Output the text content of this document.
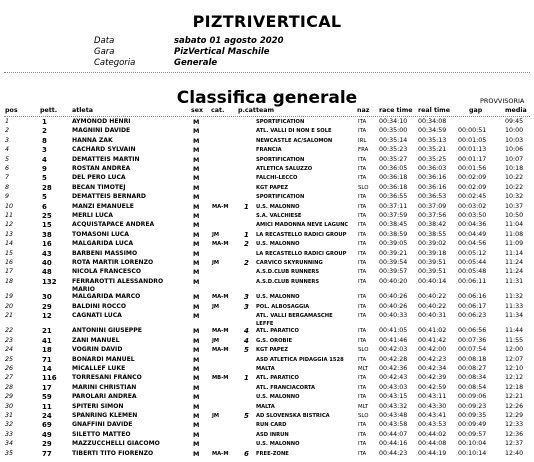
PIZTRIVERTICAL
Data	sabato 01 agosto 2020
Gara	PizVertical Maschile
Categoria	Generale
Classifica generale	PROVVISORIA
pos	pett. atleta	sex cat. p.cat team	naz race time real time	gap	media
1	1	AYMONOD HENRI	M	SPORTIFICATION	ITA 00:34:10 00:34:08	09:45
2	2	MAGNINI DAVIDE	M	ATL. VALLI DI NON E SOLE	ITA 00:35:00 00:34:59 00:00:51	10:00
3	8	HANNA ZAK	M	NEWCASTLE AC/SALOMON	IRL 00:35:14 00:35:13 00:01:05	10:03
4	3	CACHARD SYLVAIN	M	FRANCIA	FRA 00:35:23 00:35:21 00:01:13	10:06
5	4	DEMATTEIS MARTIN	M	SPORTIFICATION	ITA 00:35:27 00:35:25 00:01:17	10:07
6	9	ROSTAN ANDREA	M	ATLETICA SALUZZO	ITA 00:36:05 00:36:03 00:01:56	10:18
7	5	DEL PERO LUCA	M	FALCHI-LECCO	ITA 00:36:18 00:36:16 00:02:09	10:22
8	28	BECAN TIMOTEJ	M	KGT PAPEZ	SLO 00:36:18 00:36:16 00:02:09	10:22
9	5	DEMATTEIS BERNARD	M	SPORTIFICATION	ITA 00:36:55 00:36:53 00:02:45	10:32
10	6	MANZI EMANUELE	M MA-M 1 U.S. MALONNO	ITA 00:37:11 00:37:09 00:03:02	10:37
11	25	MERLI LUCA	M	S.A. VALCHIESE	ITA 00:37:59 00:37:56 00:03:50	10:50
12	15	ACQUISTAPACE ANDREA	M	AMICI MADONNA NEVE LAGUNC ITA 00:38:45 00:38:42 00:04:36	11:04
13	38	TOMASONI LUCA	M JM	1 LA RECASTELLO RADICI GROUP ITA 00:38:59 00:38:55 00:04:49	11:08
14	16	MALGARIDA LUCA	M MA-M 2 U.S. MALONNO	ITA 00:39:05 00:39:02 00:04:56	11:09
15	43	BARBENI MASSIMO	M	LA RECASTELLO RADICI GROUP ITA 00:39:21 00:39:18 00:05:12	11:14
16	40	ROTA MARTIR LORENZO	M JM	2 CARVICO SKYRUNNING	ITA 00:39:54 00:39:51 00:05:44	11:24
17	48	NICOLA FRANCESCO	M	A.S.D.CLUB RUNNERS	ITA 00:39:57 00:39:51 00:05:48	11:24
18	132	FERRAROTTI ALESSANDRO	M	A.S.D.CLUB RUNNERS	ITA 00:40:20 00:40:14 00:06:11	11:31
MARIO
19	30	MALGARIDA MARCO	M MA-M 3 U.S. MALONNO	ITA 00:40:26 00:40:22 00:06:16	11:32
20	29	BALDINI ROCCO	M JM	3 POL. ALBOSAGGIA	ITA 00:40:26 00:40:22 00:06:17	11:33
21	12	CAGNATI LUCA	M	ATL. VALLI BERGAMASCHE	ITA 00:40:33 00:40:31 00:06:23	11:34
LEFFE
22	21	ANTONINI GIUSEPPE	M MA-M 4 ATL. PARATICO	ITA 00:41:05 00:41:02 00:06:56	11:44
23	41	ZANI MANUEL	M JM	4 G.S. OROBIE	ITA 00:41:46 00:41:42 00:07:36	11:55
24	18	VOGRIN DAVID	M MA-M 5 KGT PAPEZ	SLO 00:42:03 00:42:00 00:07:54	12:00
25	71	BONARDI MANUEL	M	ASD ATLETICA PIDAGGIA 1528	ITA 00:42:28 00:42:23 00:08:18	12:07
26	14	MICALLEF LUKE	M	MALTA	MLT 00:42:36 00:42:34 00:08:27	12:10
27	116	TORRESANI FRANCO	M MB-M 1 ATL. PARATICO	ITA 00:42:43 00:42:39 00:08:34	12:12
28	17	MARINI CHRISTIAN	M	ATL. FRANCIACORTA	ITA 00:43:03 00:42:59 00:08:54	12:18
29	59	PAROLARI ANDREA	M	U.S. MALONNO	ITA 00:43:15 00:43:11 00:09:06	12:21
30	11	SPITERI SIMON	M	MALTA	MLT 00:43:32 00:43:30 00:09:23	12:26
31	24	SPANRING KLEMEN	M JM	5 AD SLOVENSKA BISTRICA	SLO 00:43:48 00:43:41 00:09:35	12:29
32	69	GNAFFINI DAVIDE	M	RUN CARD	ITA 00:43:58 00:43:53 00:09:49	12:33
33	49	SILETTO MATTEO	M	ASD INRUN	ITA 00:44:07 00:44:02 00:09:57	12:36
34	29	MAZZUCCHELLI GIACOMO	M	U.S. MALONNO	ITA 00:44:16 00:44:08 00:10:04	12:37
35	77	TIBERTI TITO FIORENZO	M MA-M 6 FREE-ZONE	ITA 00:44:23 00:44:19 00:10:14	12:40
